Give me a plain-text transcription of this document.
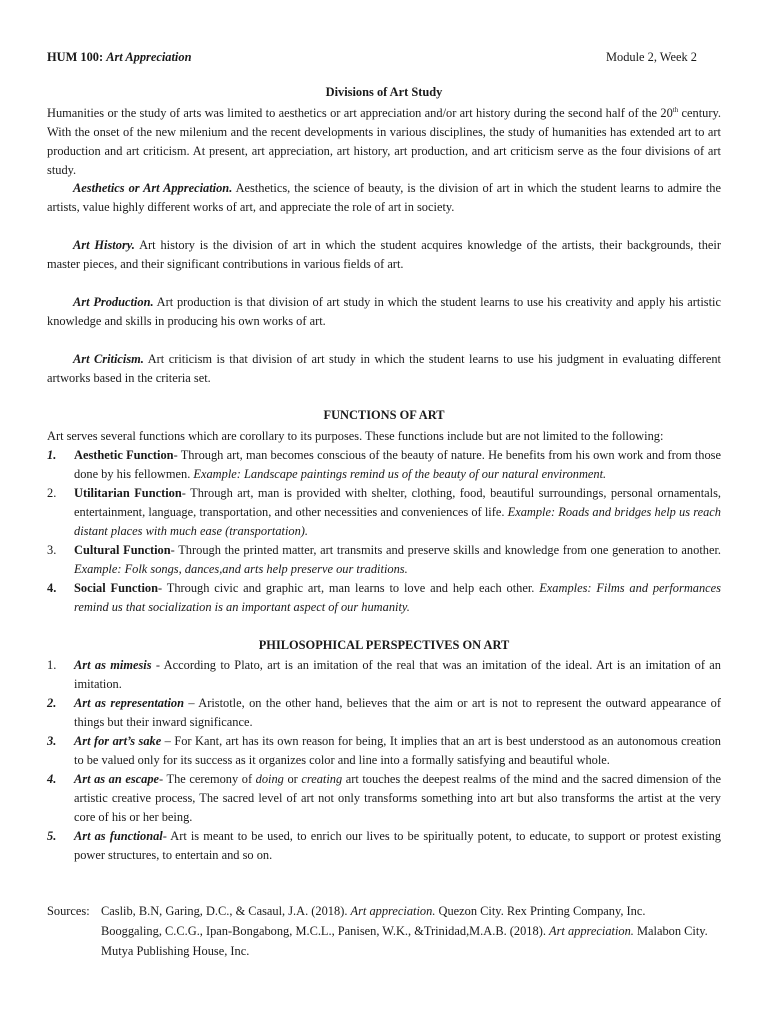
HUM 100: Art Appreciation	Module 2, Week 2
Divisions of Art Study
Humanities or the study of arts was limited to aesthetics or art appreciation and/or art history during the second half of the 20th century. With the onset of the new milenium and the recent developments in various disciplines, the study of humanities has extended art to art production and art criticism. At present, art appreciation, art history, art production, and art criticism serve as the four divisions of art study.
Aesthetics or Art Appreciation. Aesthetics, the science of beauty, is the division of art in which the student learns to admire the artists, value highly different works of art, and appreciate the role of art in society.
Art History. Art history is the division of art in which the student acquires knowledge of the artists, their backgrounds, their master pieces, and their significant contributions in various fields of art.
Art Production. Art production is that division of art study in which the student learns to use his creativity and apply his artistic knowledge and skills in producing his own works of art.
Art Criticism. Art criticism is that division of art study in which the student learns to use his judgment in evaluating different artworks based in the criteria set.
FUNCTIONS OF ART
Art serves several functions which are corollary to its purposes. These functions include but are not limited to the following:
1. Aesthetic Function- Through art, man becomes conscious of the beauty of nature. He benefits from his own work and from those done by his fellowmen. Example: Landscape paintings remind us of the beauty of our natural environment.
2. Utilitarian Function- Through art, man is provided with shelter, clothing, food, beautiful surroundings, personal ornamentals, entertainment, language, transportation, and other necessities and conveniences of life. Example: Roads and bridges help us reach distant places with much ease (transportation).
3. Cultural Function- Through the printed matter, art transmits and preserve skills and knowledge from one generation to another. Example: Folk songs, dances,and arts help preserve our traditions.
4. Social Function- Through civic and graphic art, man learns to love and help each other. Examples: Films and performances remind us that socialization is an important aspect of our humanity.
PHILOSOPHICAL PERSPECTIVES ON ART
1. Art as mimesis - According to Plato, art is an imitation of the real that was an imitation of the ideal. Art is an imitation of an imitation.
2. Art as representation – Aristotle, on the other hand, believes that the aim or art is not to represent the outward appearance of things but their inward significance.
3. Art for art’s sake – For Kant, art has its own reason for being, It implies that an art is best understood as an autonomous creation to be valued only for its success as it organizes color and line into a formally satisfying and beautiful whole.
4. Art as an escape- The ceremony of doing or creating art touches the deepest realms of the mind and the sacred dimension of the artistic creative process, The sacred level of art not only transforms something into art but also transforms the artist at the very core of his or her being.
5. Art as functional- Art is meant to be used, to enrich our lives to be spiritually potent, to educate, to support or protest existing power structures, to entertain and so on.
Sources: Caslib, B.N, Garing, D.C., & Casaul, J.A. (2018). Art appreciation. Quezon City. Rex Printing Company, Inc.

Booggaling, C.C.G., Ipan-Bongabong, M.C.L., Panisen, W.K., &Trinidad,M.A.B. (2018). Art appreciation. Malabon City. Mutya Publishing House, Inc.
